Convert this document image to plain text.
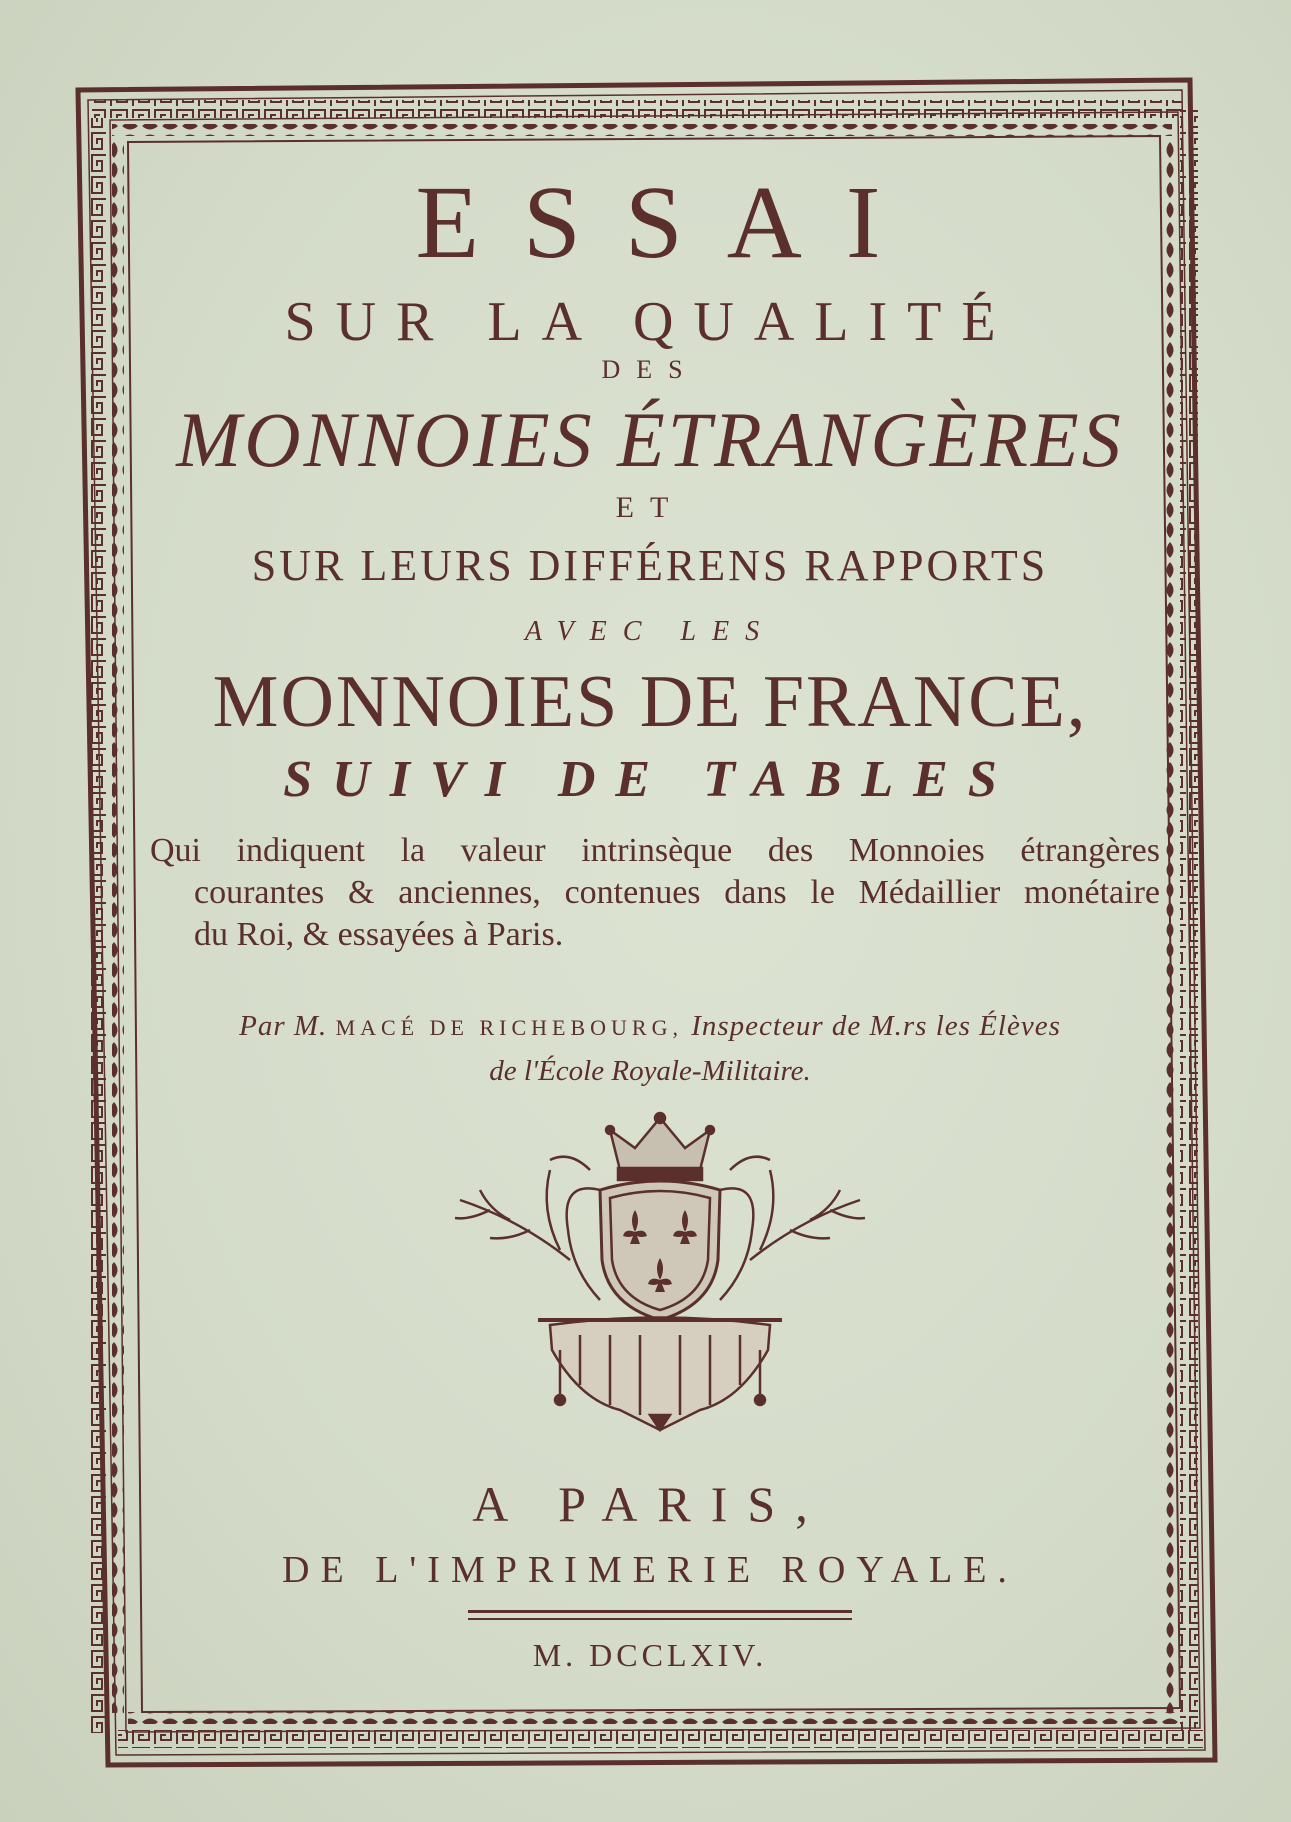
ESSAI
SUR LA QUALITÉ
DES
MONNOIES ÉTRANGÈRES
ET
SUR LEURS DIFFÉRENS RAPPORTS
AVEC LES
MONNOIES DE FRANCE,
SUIVI DE TABLES

Qui indiquent la valeur intrinsèque des Monnoies étrangères

courantes & anciennes, contenues dans le Médaillier monétaire

du Roi, & essayées à Paris.

Par M. MACÉ DE RICHEBOURG, Inspecteur de M.rs les Élèves
de l'École Royale-Militaire.
A PARIS,
DE L'IMPRIMERIE ROYALE.
M. DCCLXIV.
